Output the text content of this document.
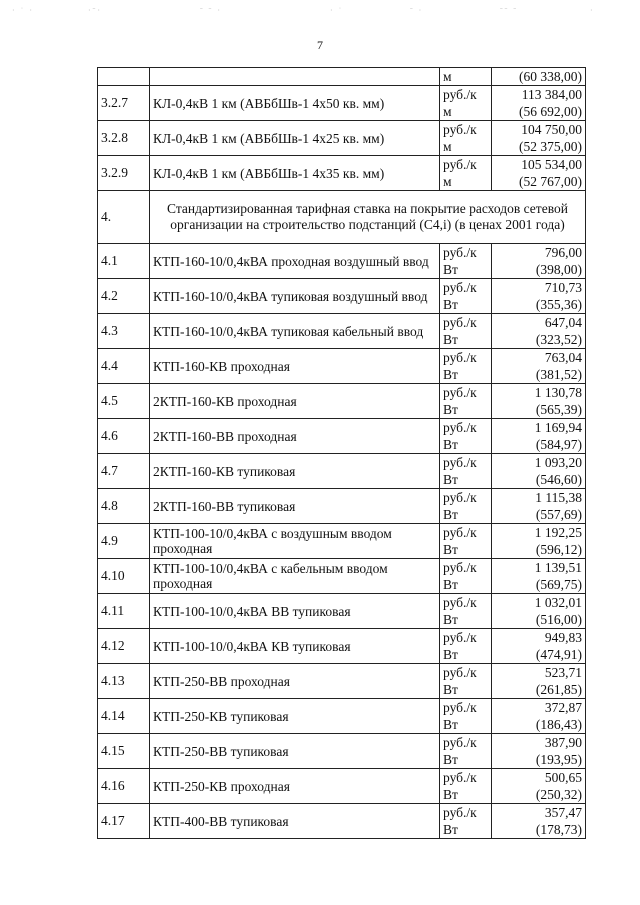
· ˙ ·	·ˉ·	ˉ ˉ ·	· ˙	ˉ ·	ˉˉ ˉ	·
7

		м	(60 338,00)

3.2.7	КЛ-0,4кВ 1 км (АВБбШв-1 4х50 кв. мм)	руб./к
м	113 384,00
(56 692,00)

3.2.8	КЛ-0,4кВ 1 км (АВБбШв-1 4х25 кв. мм)	руб./к
м	104 750,00
(52 375,00)

3.2.9	КЛ-0,4кВ 1 км (АВБбШв-1 4х35 кв. мм)	руб./к
м	105 534,00
(52 767,00)

4.	Стандартизированная тарифная ставка на покрытие расходов сетевой организации на строительство подстанций (С4,i) (в ценах 2001 года)		
4.1	КТП-160-10/0,4кВА проходная воздушный ввод	руб./к
Вт	796,00
(398,00)

4.2	КТП-160-10/0,4кВА тупиковая воздушный ввод	руб./к
Вт	710,73
(355,36)

4.3	КТП-160-10/0,4кВА тупиковая кабельный ввод	руб./к
Вт	647,04
(323,52)

4.4	КТП-160-КВ проходная	руб./к
Вт	763,04
(381,52)

4.5	2КТП-160-КВ проходная	руб./к
Вт	1 130,78
(565,39)

4.6	2КТП-160-ВВ проходная	руб./к
Вт	1 169,94
(584,97)

4.7	2КТП-160-КВ тупиковая	руб./к
Вт	1 093,20
(546,60)

4.8	2КТП-160-ВВ тупиковая	руб./к
Вт	1 115,38
(557,69)

4.9	КТП-100-10/0,4кВА с воздушным вводом проходная	руб./к
Вт	1 192,25
(596,12)

4.10	КТП-100-10/0,4кВА с кабельным вводом проходная	руб./к
Вт	1 139,51
(569,75)

4.11	КТП-100-10/0,4кВА ВВ тупиковая	руб./к
Вт	1 032,01
(516,00)

4.12	КТП-100-10/0,4кВА КВ тупиковая	руб./к
Вт	949,83
(474,91)

4.13	КТП-250-ВВ проходная	руб./к
Вт	523,71
(261,85)

4.14	КТП-250-КВ тупиковая	руб./к
Вт	372,87
(186,43)

4.15	КТП-250-ВВ тупиковая	руб./к
Вт	387,90
(193,95)

4.16	КТП-250-КВ проходная	руб./к
Вт	500,65
(250,32)

4.17	КТП-400-ВВ тупиковая	руб./к
Вт	357,47
(178,73)
